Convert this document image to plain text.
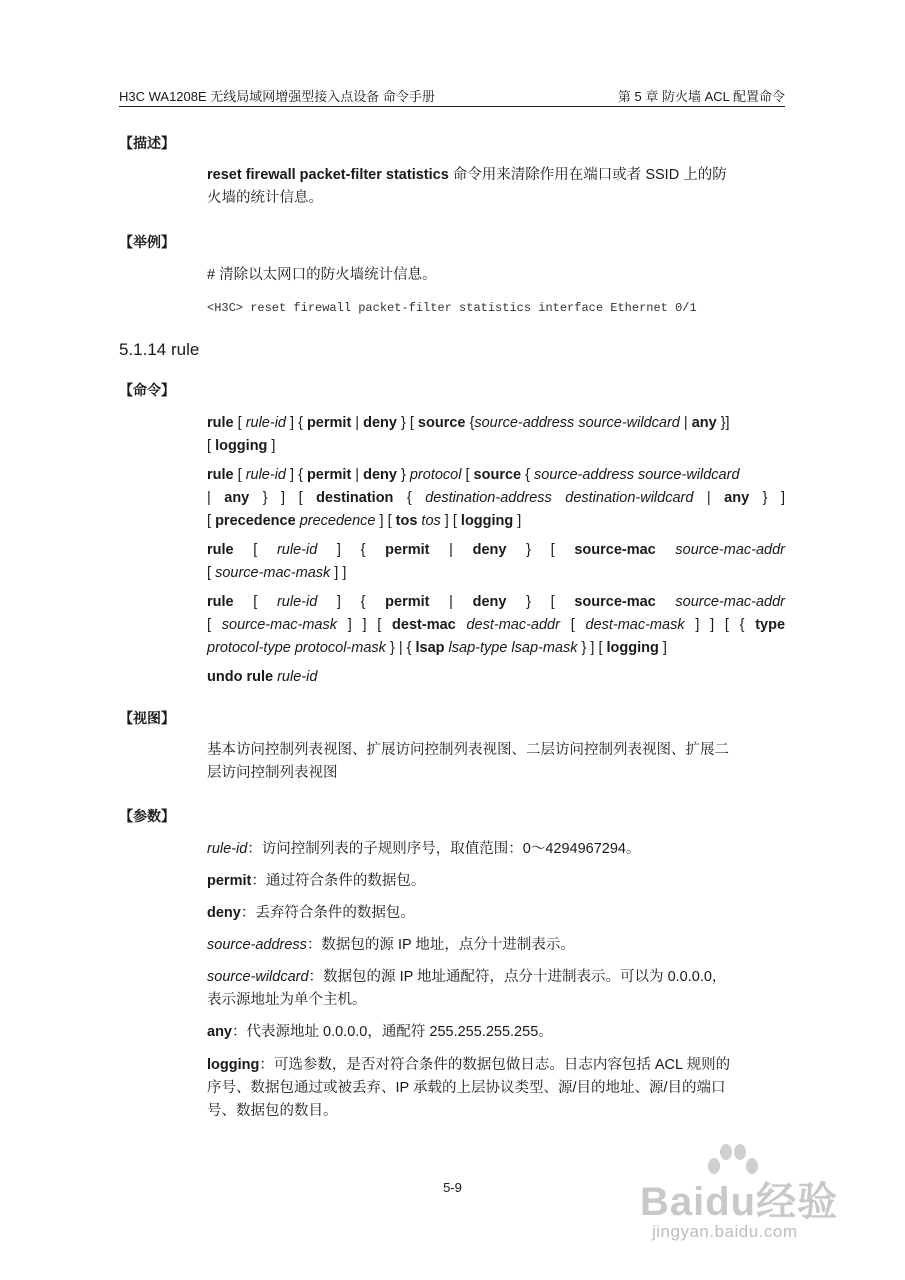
H3C WA1208E 无线局域网增强型接入点设备 命令手册	第 5 章 防火墙 ACL 配置命令
【描述】
reset firewall packet-filter statistics 命令用来清除作用在端口或者 SSID 上的防
火墙的统计信息。
【举例】
# 清除以太网口的防火墙统计信息。
<H3C> reset firewall packet-filter statistics interface Ethernet 0/1
5.1.14 rule
【命令】
rule [ rule-id ] { permit | deny } [ source {source-address source-wildcard | any }]
[ logging ]
rule [ rule-id ] { permit | deny } protocol [ source { source-address source-wildcard
| any } ] [ destination { destination-address destination-wildcard | any } ]
[ precedence precedence ] [ tos tos ] [ logging ]
rule [ rule-id ] { permit | deny } [ source-mac source-mac-addr
[ source-mac-mask ] ]
rule [ rule-id ] { permit | deny } [ source-mac source-mac-addr
[ source-mac-mask ] ] [ dest-mac dest-mac-addr [ dest-mac-mask ] ] [ { type
protocol-type protocol-mask } | { lsap lsap-type lsap-mask } ] [ logging ]
undo rule rule-id
【视图】
基本访问控制列表视图、扩展访问控制列表视图、二层访问控制列表视图、扩展二
层访问控制列表视图
【参数】
rule-id：访问控制列表的子规则序号，取值范围：0～4294967294。
permit：通过符合条件的数据包。
deny：丢弃符合条件的数据包。
source-address：数据包的源 IP 地址，点分十进制表示。
source-wildcard：数据包的源 IP 地址通配符，点分十进制表示。可以为 0.0.0.0，
表示源地址为单个主机。
any：代表源地址 0.0.0.0，通配符 255.255.255.255。
logging：可选参数，是否对符合条件的数据包做日志。日志内容包括 ACL 规则的
序号、数据包通过或被丢弃、IP 承载的上层协议类型、源/目的地址、源/目的端口
号、数据包的数目。
5-9	Baidu经验
jingyan.baidu.com
